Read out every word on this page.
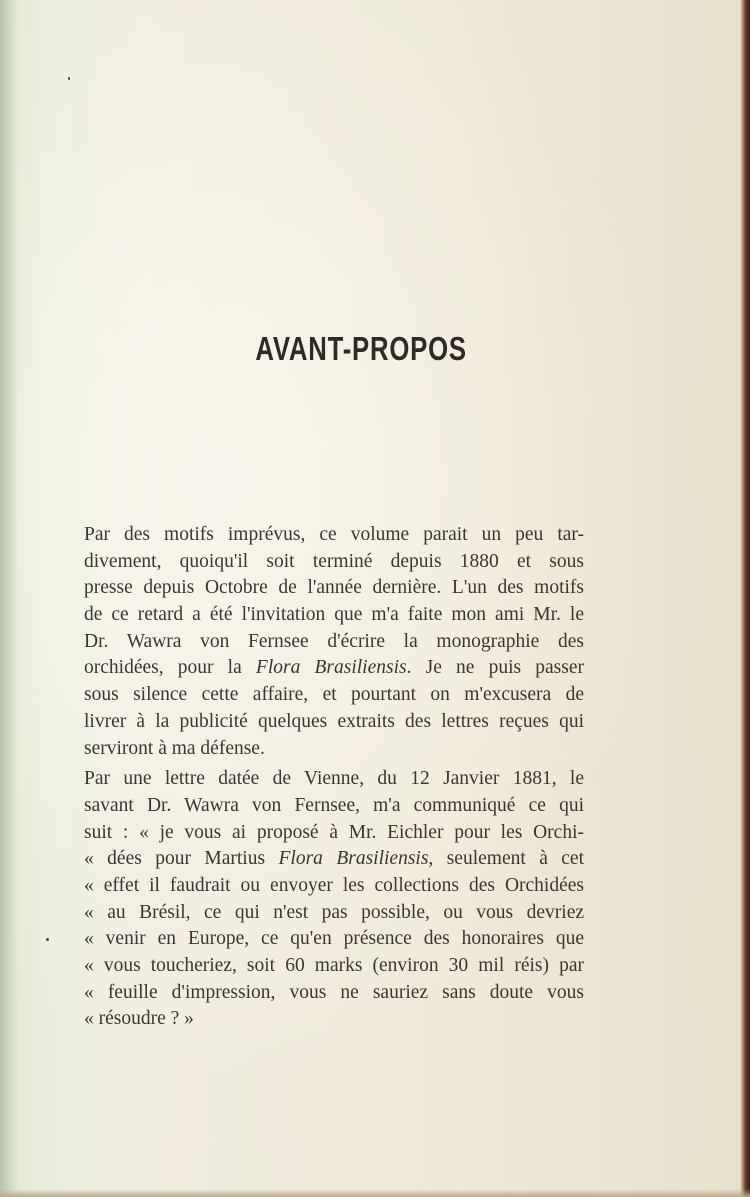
AVANT-PROPOS
Par des motifs imprévus, ce volume parait un peu tar-
divement, quoiqu'il soit terminé depuis 1880 et sous
presse depuis Octobre de l'année dernière. L'un des motifs
de ce retard a été l'invitation que m'a faite mon ami Mr. le
Dr. Wawra von Fernsee d'écrire la monographie des
orchidées, pour la Flora Brasiliensis. Je ne puis passer
sous silence cette affaire, et pourtant on m'excusera de
livrer à la publicité quelques extraits des lettres reçues qui
serviront à ma défense.
Par une lettre datée de Vienne, du 12 Janvier 1881, le
savant Dr. Wawra von Fernsee, m'a communiqué ce qui
suit : « je vous ai proposé à Mr. Eichler pour les Orchi-
« dées pour Martius Flora Brasiliensis, seulement à cet
« effet il faudrait ou envoyer les collections des Orchidées
« au Brésil, ce qui n'est pas possible, ou vous devriez
« venir en Europe, ce qu'en présence des honoraires que
« vous toucheriez, soit 60 marks (environ 30 mil réis) par
« feuille d'impression, vous ne sauriez sans doute vous
« résoudre ? »
